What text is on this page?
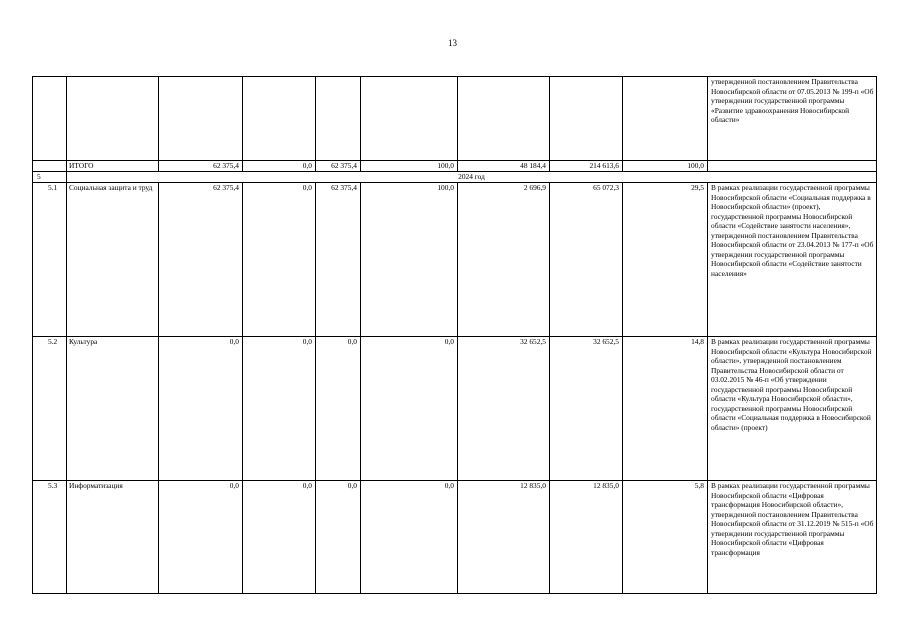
13
									утвержденной постановлением Правительства Новосибирской области от 07.05.2013 № 199-п «Об утверждении государственной программы «Развитие здравоохранения Новосибирской области»
	ИТОГО	62 375,4	0,0	62 375,4	100,0	48 184,4	214 613,6	100,0	
5	2024 год								
5.1	Социальная защита и труд	62 375,4	0,0	62 375,4	100,0	2 696,9	65 072,3	29,5	В рамках реализации государственной программы Новосибирской области «Социальная поддержка в Новосибирской области» (проект), государственной программы Новосибирской области «Содействие занятости населения», утвержденной постановлением Правительства Новосибирской области от 23.04.2013 № 177-п «Об утверждении государственной программы Новосибирской области «Содействие занятости населения»
5.2	Культура	0,0	0,0	0,0	0,0	32 652,5	32 652,5	14,8	В рамках реализации государственной программы Новосибирской области «Культура Новосибирской области», утвержденной постановлением Правительства Новосибирской области от 03.02.2015 № 46-п «Об утверждении государственной программы Новосибирской области «Культура Новосибирской области», государственной программы Новосибирской области «Социальная поддержка в Новосибирской области» (проект)
5.3	Информатизация	0,0	0,0	0,0	0,0	12 835,0	12 835,0	5,8	В рамках реализации государственной программы Новосибирской области «Цифровая трансформация Новосибирской области», утвержденной постановлением Правительства Новосибирской области от 31.12.2019 № 515-п «Об утверждении государственной программы Новосибирской области «Цифровая трансформация
